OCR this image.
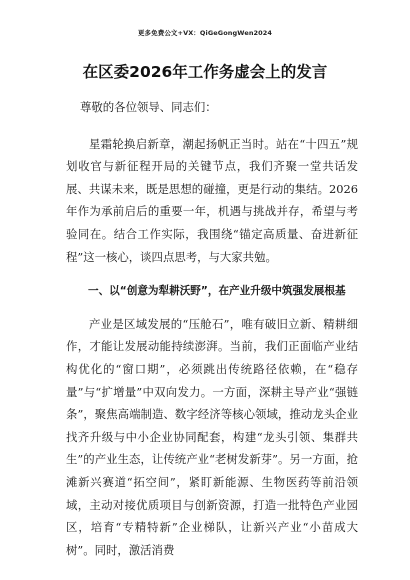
更多免费公文+VX：QiGeGongWen2024
在区委2026年工作务虚会上的发言

尊敬的各位领导、同志们：

星霜轮换启新章，潮起扬帆正当时。站在“十四五”规划收官与新征程开局的关键节点，我们齐聚一堂共话发展、共谋未来，既是思想的碰撞，更是行动的集结。2026年作为承前启后的重要一年，机遇与挑战并存，希望与考验同在。结合工作实际，我围绕“锚定高质量、奋进新征程”这一核心，谈四点思考，与大家共勉。

一、以“创意为犁耕沃野”，在产业升级中筑强发展根基

产业是区域发展的“压舱石”，唯有破旧立新、精耕细作，才能让发展动能持续澎湃。当前，我们正面临产业结构优化的“窗口期”，必须跳出传统路径依赖，在“稳存量”与“扩增量”中双向发力。一方面，深耕主导产业“强链条”，聚焦高端制造、数字经济等核心领域，推动龙头企业找齐升级与中小企业协同配套，构建“龙头引领、集群共生”的产业生态，让传统产业“老树发新芽”。另一方面，抢滩新兴赛道“拓空间”，紧盯新能源、生物医药等前沿领域，主动对接优质项目与创新资源，打造一批特色产业园区，培育“专精特新”企业梯队，让新兴产业“小苗成大树”。同时，激活消费
